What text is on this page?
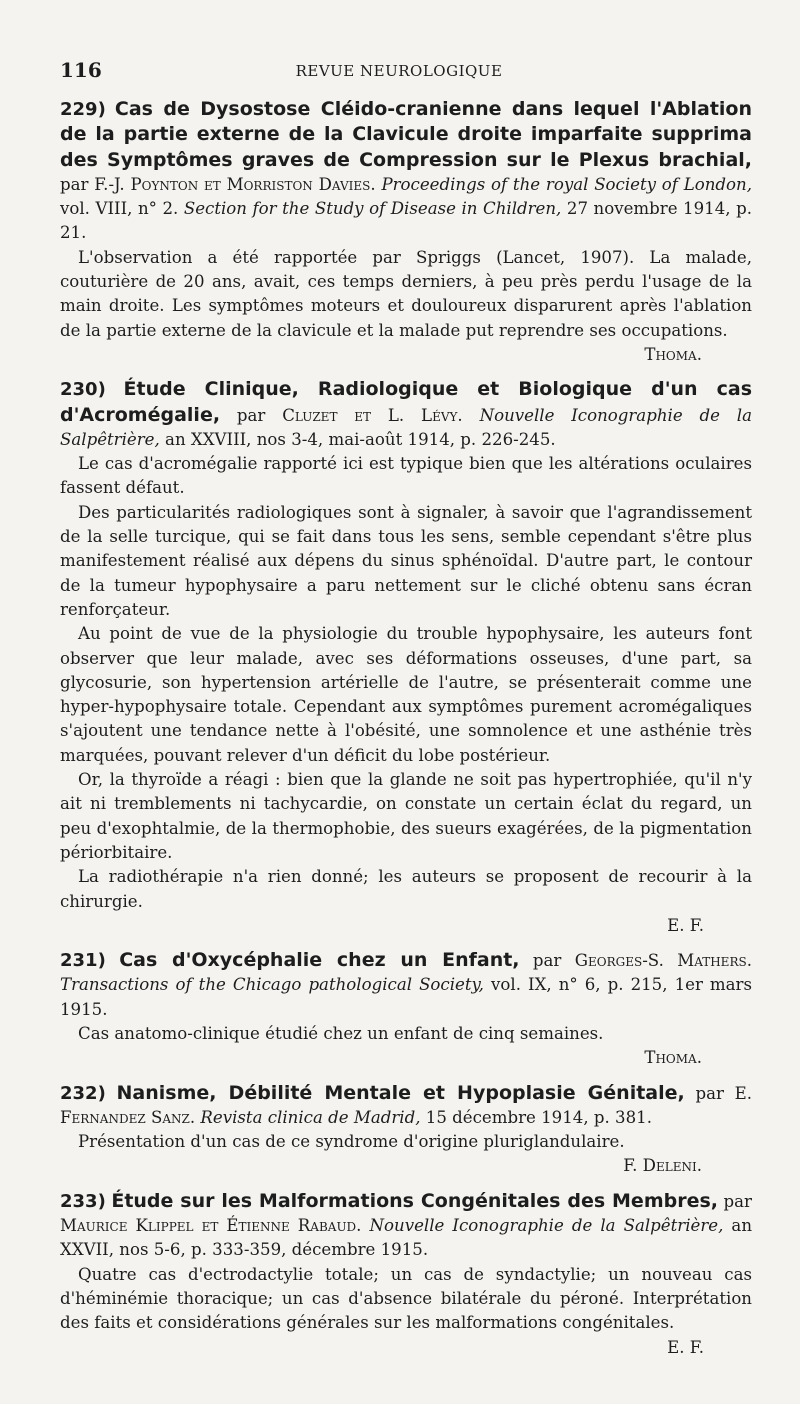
116	REVUE NEUROLOGIQUE

229) Cas de Dysostose Cléido-cranienne dans lequel l'Ablation de la partie externe de la Clavicule droite imparfaite supprima des Symptômes graves de Compression sur le Plexus brachial, par F.-J. Poynton et Morriston Davies. Proceedings of the royal Society of London, vol. VIII, n° 2. Section for the Study of Disease in Children, 27 novembre 1914, p. 21.

L'observation a été rapportée par Spriggs (Lancet, 1907). La malade, couturière de 20 ans, avait, ces temps derniers, à peu près perdu l'usage de la main droite. Les symptômes moteurs et douloureux disparurent après l'ablation de la partie externe de la clavicule et la malade put reprendre ses occupations.

Thoma.

230) Étude Clinique, Radiologique et Biologique d'un cas d'Acromégalie, par Cluzet et L. Lévy. Nouvelle Iconographie de la Salpêtrière, an XXVIII, nos 3-4, mai-août 1914, p. 226-245.

Le cas d'acromégalie rapporté ici est typique bien que les altérations oculaires fassent défaut.

Des particularités radiologiques sont à signaler, à savoir que l'agrandissement de la selle turcique, qui se fait dans tous les sens, semble cependant s'être plus manifestement réalisé aux dépens du sinus sphénoïdal. D'autre part, le contour de la tumeur hypophysaire a paru nettement sur le cliché obtenu sans écran renforçateur.

Au point de vue de la physiologie du trouble hypophysaire, les auteurs font observer que leur malade, avec ses déformations osseuses, d'une part, sa glycosurie, son hypertension artérielle de l'autre, se présenterait comme une hyper-hypophysaire totale. Cependant aux symptômes purement acromégaliques s'ajoutent une tendance nette à l'obésité, une somnolence et une asthénie très marquées, pouvant relever d'un déficit du lobe postérieur.

Or, la thyroïde a réagi : bien que la glande ne soit pas hypertrophiée, qu'il n'y ait ni tremblements ni tachycardie, on constate un certain éclat du regard, un peu d'exophtalmie, de la thermophobie, des sueurs exagérées, de la pigmentation périorbitaire.

La radiothérapie n'a rien donné; les auteurs se proposent de recourir à la chirurgie.

E. F.

231) Cas d'Oxycéphalie chez un Enfant, par Georges-S. Mathers. Transactions of the Chicago pathological Society, vol. IX, n° 6, p. 215, 1er mars 1915.

Cas anatomo-clinique étudié chez un enfant de cinq semaines.

Thoma.

232) Nanisme, Débilité Mentale et Hypoplasie Génitale, par E. Fernandez Sanz. Revista clinica de Madrid, 15 décembre 1914, p. 381.

Présentation d'un cas de ce syndrome d'origine pluriglandulaire.

F. Deleni.

233) Étude sur les Malformations Congénitales des Membres, par Maurice Klippel et Étienne Rabaud. Nouvelle Iconographie de la Salpêtrière, an XXVII, nos 5-6, p. 333-359, décembre 1915.

Quatre cas d'ectrodactylie totale; un cas de syndactylie; un nouveau cas d'héminémie thoracique; un cas d'absence bilatérale du péroné. Interprétation des faits et considérations générales sur les malformations congénitales.

E. F.
